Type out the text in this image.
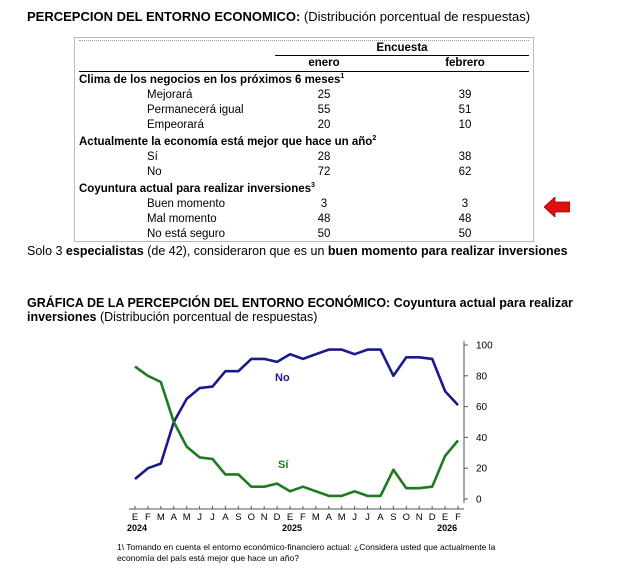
PERCEPCION DEL ENTORNO ECONOMICO: (Distribución porcentual de respuestas)
Encuesta
enero	febrero
Clima de los negocios en los próximos 6 meses$^1$
Mejorará	25	39
Permanecerá igual	55	51
Empeorará	20	10
Actualmente la economía está mejor que hace un año$^2$
Sí	28	38
No	72	62
Coyuntura actual para realizar inversiones$^3$
Buen momento	3	3
Mal momento	48	48
No está seguro	50	50
Solo 3 especialistas (de 42), consideraron que es un buen momento para realizar inversiones
GRÁFICA DE LA PERCEPCIÓN DEL ENTORNO ECONÓMICO: Coyuntura actual para realizar inversiones (Distribución porcentual de respuestas)
0
20
40
60
80
100
E F M A M J J A S O N D E F M A M J J A S O N D E F
2024	2025	2026
No
Sí
1\ Tomando en cuenta el entorno económico-financiero actual: ¿Considera usted que actualmente la economía del país está mejor que hace un año?
